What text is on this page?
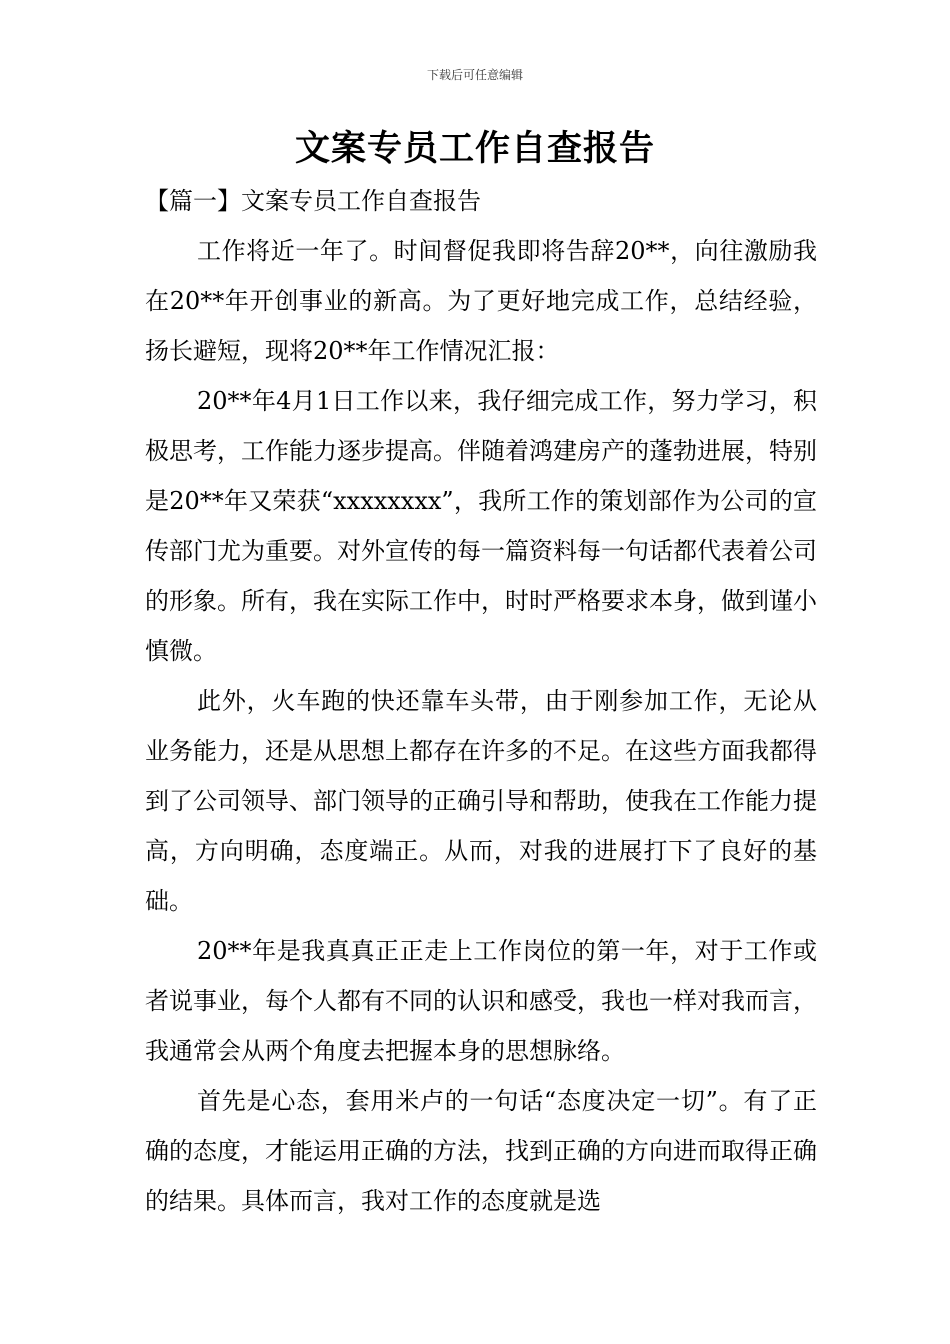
下载后可任意编辑
文案专员工作自查报告

【篇一】文案专员工作自查报告

工作将近一年了。时间督促我即将告辞20**，向往激励我在20**年开创事业的新高。为了更好地完成工作，总结经验，扬长避短，现将20**年工作情况汇报：

20**年4月1日工作以来，我仔细完成工作，努力学习，积极思考，工作能力逐步提高。伴随着鸿建房产的蓬勃进展，特别是20**年又荣获“xxxxxxxx”，我所工作的策划部作为公司的宣传部门尤为重要。对外宣传的每一篇资料每一句话都代表着公司的形象。所有，我在实际工作中，时时严格要求本身，做到谨小慎微。

此外，火车跑的快还靠车头带，由于刚参加工作，无论从业务能力，还是从思想上都存在许多的不足。在这些方面我都得到了公司领导、部门领导的正确引导和帮助，使我在工作能力提高，方向明确，态度端正。从而，对我的进展打下了良好的基础。

20**年是我真真正正走上工作岗位的第一年，对于工作或者说事业，每个人都有不同的认识和感受，我也一样对我而言，我通常会从两个角度去把握本身的思想脉络。

首先是心态，套用米卢的一句话“态度决定一切”。有了正确的态度，才能运用正确的方法，找到正确的方向进而取得正确的结果。具体而言，我对工作的态度就是选
